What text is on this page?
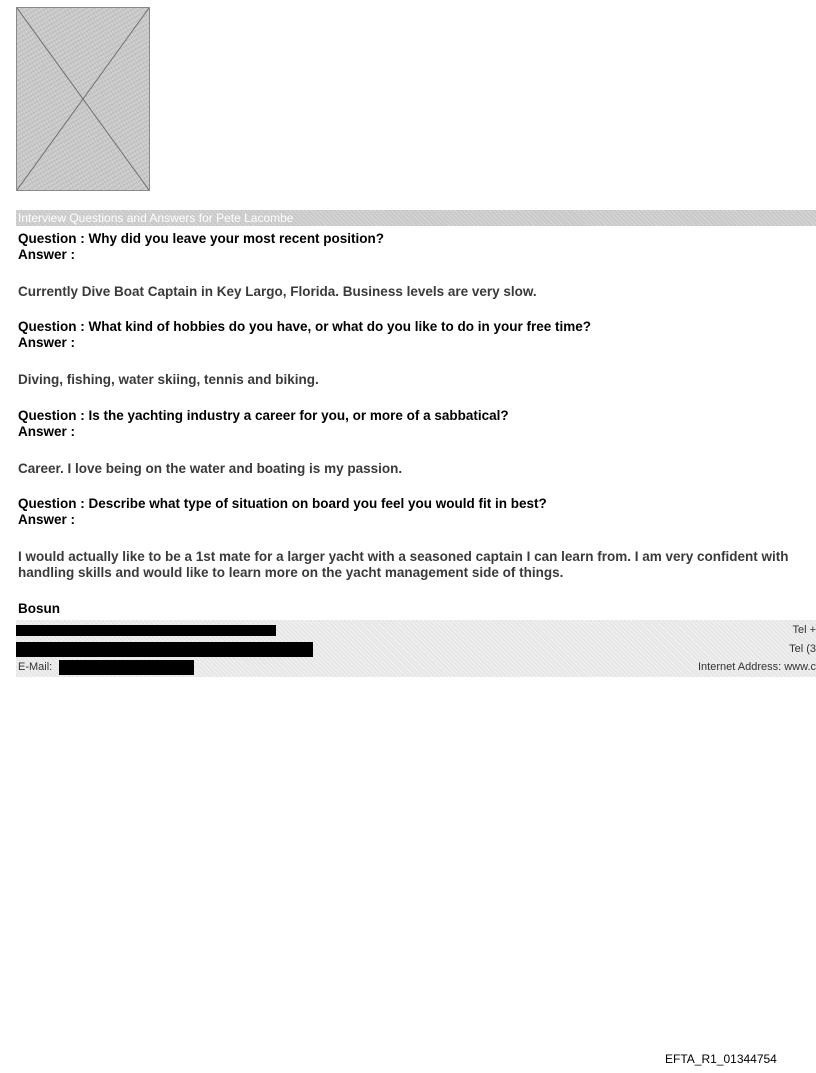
Interview Questions and Answers for Pete Lacombe
Question : Why did you leave your most recent position?
Answer :
Currently Dive Boat Captain in Key Largo, Florida. Business levels are very slow.
Question : What kind of hobbies do you have, or what do you like to do in your free time?
Answer :
Diving, fishing, water skiing, tennis and biking.
Question : Is the yachting industry a career for you, or more of a sabbatical?
Answer :
Career. I love being on the water and boating is my passion.
Question : Describe what type of situation on board you feel you would fit in best?
Answer :
I would actually like to be a 1st mate for a larger yacht with a seasoned captain I can learn from. I am very confident with
handling skills and would like to learn more on the yacht management side of things.
Bosun
Tel +
Tel (3
E-Mail:	Internet Address: www.c
EFTA_R1_01344754
